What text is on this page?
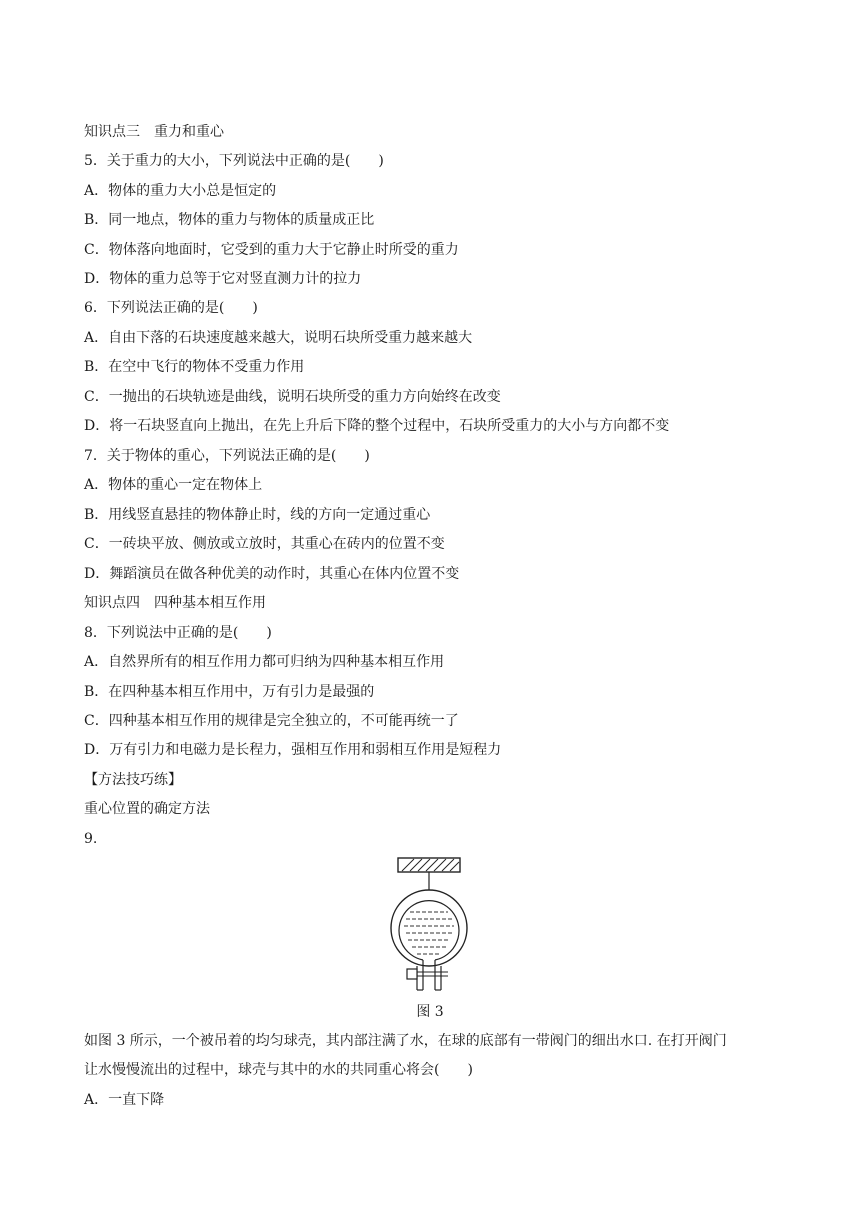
知识点三　重力和重心
5．关于重力的大小，下列说法中正确的是(　　)
A．物体的重力大小总是恒定的
B．同一地点，物体的重力与物体的质量成正比
C．物体落向地面时，它受到的重力大于它静止时所受的重力
D．物体的重力总等于它对竖直测力计的拉力
6．下列说法正确的是(　　)
A．自由下落的石块速度越来越大，说明石块所受重力越来越大
B．在空中飞行的物体不受重力作用
C．一抛出的石块轨迹是曲线，说明石块所受的重力方向始终在改变
D．将一石块竖直向上抛出，在先上升后下降的整个过程中，石块所受重力的大小与方向都不变
7．关于物体的重心，下列说法正确的是(　　)
A．物体的重心一定在物体上
B．用线竖直悬挂的物体静止时，线的方向一定通过重心
C．一砖块平放、侧放或立放时，其重心在砖内的位置不变
D．舞蹈演员在做各种优美的动作时，其重心在体内位置不变
知识点四　四种基本相互作用
8．下列说法中正确的是(　　)
A．自然界所有的相互作用力都可归纳为四种基本相互作用
B．在四种基本相互作用中，万有引力是最强的
C．四种基本相互作用的规律是完全独立的，不可能再统一了
D．万有引力和电磁力是长程力，强相互作用和弱相互作用是短程力
【方法技巧练】
重心位置的确定方法
9.
图 3
如图 3 所示，一个被吊着的均匀球壳，其内部注满了水，在球的底部有一带阀门的细出水口. 在打开阀门
让水慢慢流出的过程中，球壳与其中的水的共同重心将会(　　)
A．一直下降
